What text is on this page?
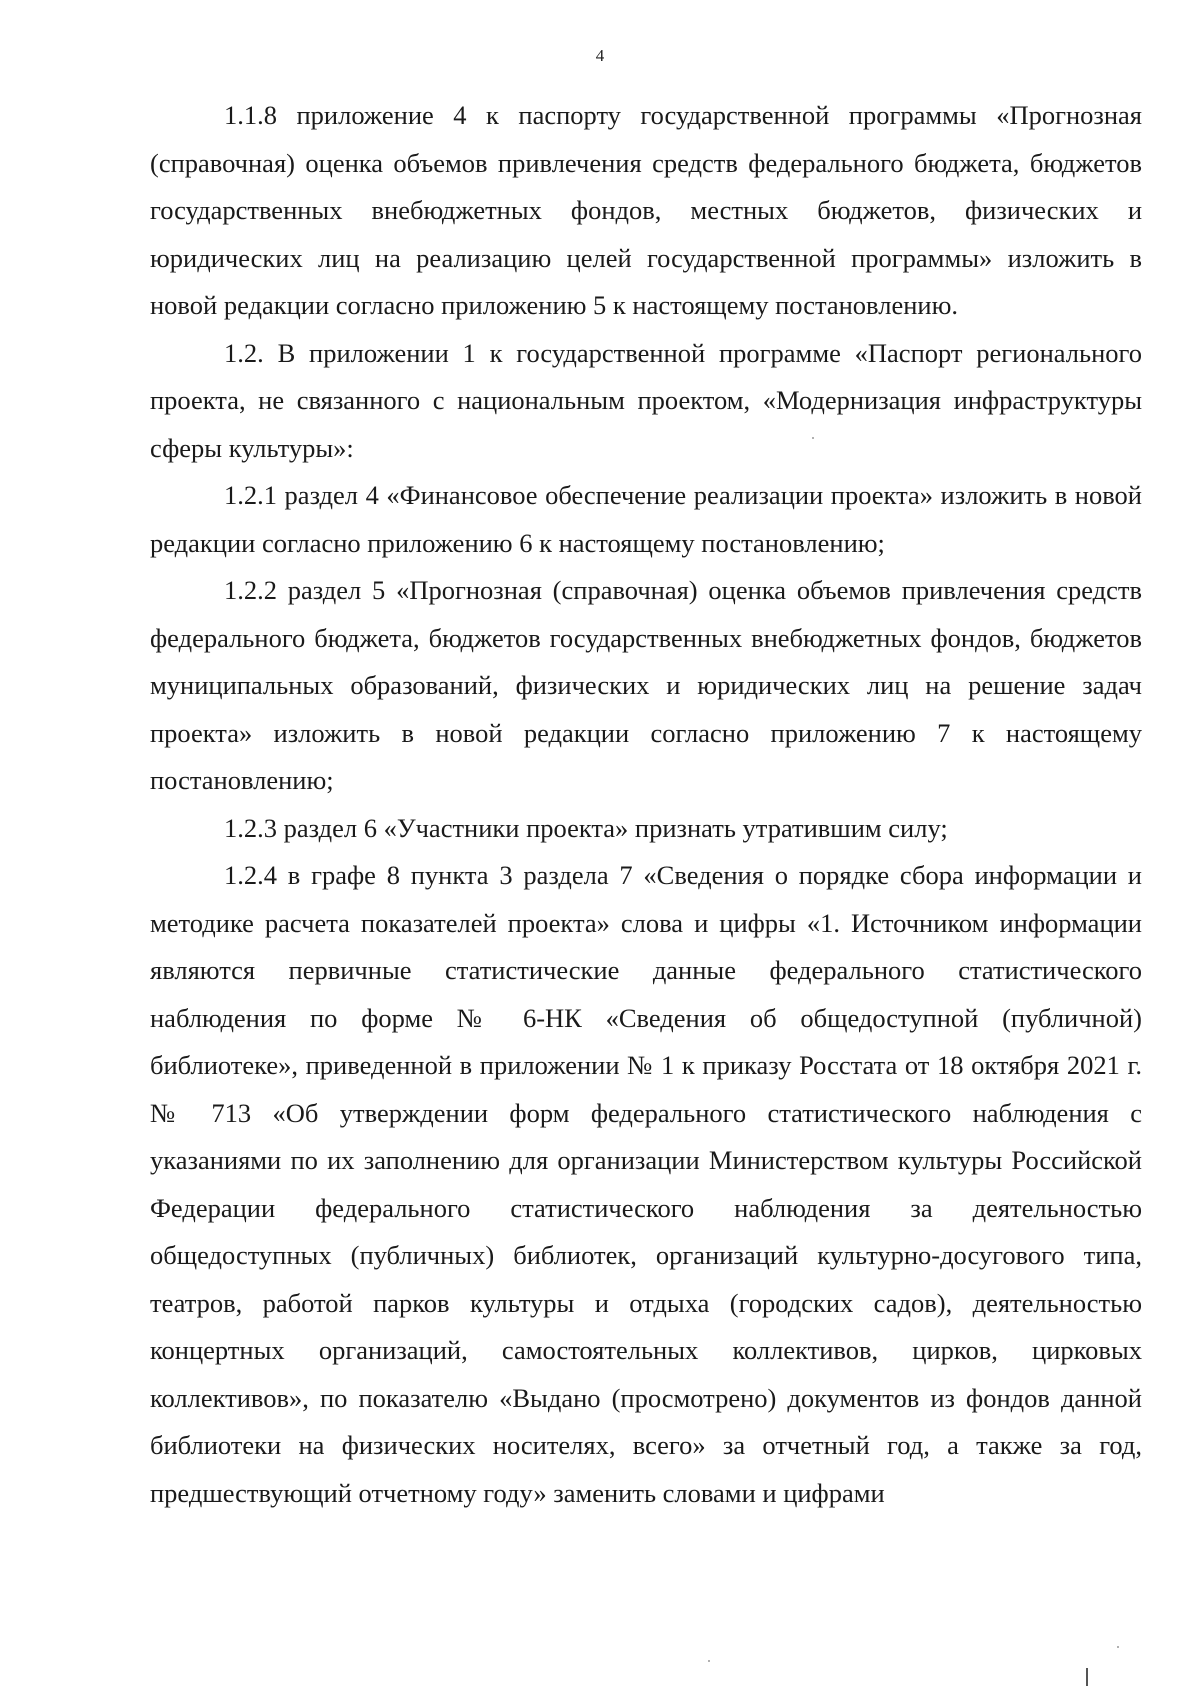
4

1.1.8 приложение 4 к паспорту государственной программы «Прогнозная (справочная) оценка объемов привлечения средств федерального бюджета, бюджетов государственных внебюджетных фондов, местных бюджетов, физических и юридических лиц на реализацию целей государственной программы» изложить в новой редакции согласно приложению 5 к настоящему постановлению.

1.2. В приложении 1 к государственной программе «Паспорт регионального проекта, не связанного с национальным проектом, «Модернизация инфраструктуры сферы культуры»:

1.2.1 раздел 4 «Финансовое обеспечение реализации проекта» изложить в новой редакции согласно приложению 6 к настоящему постановлению;

1.2.2 раздел 5 «Прогнозная (справочная) оценка объемов привлечения средств федерального бюджета, бюджетов государственных внебюджетных фондов, бюджетов муниципальных образований, физических и юридических лиц на решение задач проекта» изложить в новой редакции согласно приложению 7 к настоящему постановлению;

1.2.3 раздел 6 «Участники проекта» признать утратившим силу;

1.2.4 в графе 8 пункта 3 раздела 7 «Сведения о порядке сбора информации и методике расчета показателей проекта» слова и цифры «1. Источником информации являются первичные статистические данные федерального статистического наблюдения по форме № 6-НК «Сведения об общедоступной (публичной) библиотеке», приведенной в приложении № 1 к приказу Росстата от 18 октября 2021 г. № 713 «Об утверждении форм федерального статистического наблюдения с указаниями по их заполнению для организации Министерством культуры Российской Федерации федерального статистического наблюдения за деятельностью общедоступных (публичных) библиотек, организаций культурно-досугового типа, театров, работой парков культуры и отдыха (городских садов), деятельностью концертных организаций, самостоятельных коллективов, цирков, цирковых коллективов», по показателю «Выдано (просмотрено) документов из фондов данной библиотеки на физических носителях, всего» за отчетный год, а также за год, предшествующий отчетному году» заменить словами и цифрами
